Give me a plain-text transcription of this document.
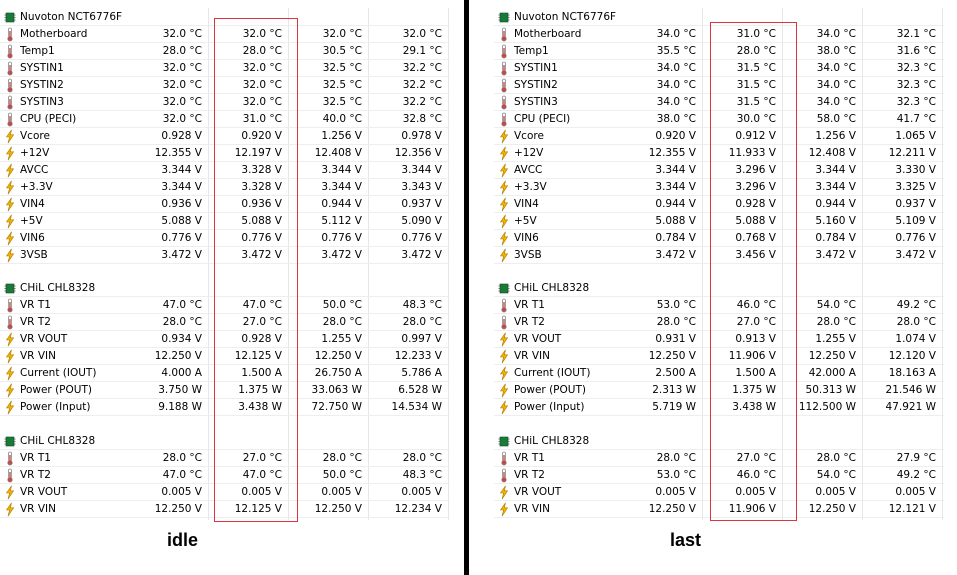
Nuvoton NCT6776F
Motherboard	32.0 °C	32.0 °C	32.0 °C	32.0 °C
Temp1	28.0 °C	28.0 °C	30.5 °C	29.1 °C
SYSTIN1	32.0 °C	32.0 °C	32.5 °C	32.2 °C
SYSTIN2	32.0 °C	32.0 °C	32.5 °C	32.2 °C
SYSTIN3	32.0 °C	32.0 °C	32.5 °C	32.2 °C
CPU (PECI)	32.0 °C	31.0 °C	40.0 °C	32.8 °C
Vcore	0.928 V	0.920 V	1.256 V	0.978 V
+12V	12.355 V	12.197 V	12.408 V	12.356 V
AVCC	3.344 V	3.328 V	3.344 V	3.344 V
+3.3V	3.344 V	3.328 V	3.344 V	3.343 V
VIN4	0.936 V	0.936 V	0.944 V	0.937 V
+5V	5.088 V	5.088 V	5.112 V	5.090 V
VIN6	0.776 V	0.776 V	0.776 V	0.776 V
3VSB	3.472 V	3.472 V	3.472 V	3.472 V
CHiL CHL8328
VR T1	47.0 °C	47.0 °C	50.0 °C	48.3 °C
VR T2	28.0 °C	27.0 °C	28.0 °C	28.0 °C
VR VOUT	0.934 V	0.928 V	1.255 V	0.997 V
VR VIN	12.250 V	12.125 V	12.250 V	12.233 V
Current (IOUT)	4.000 A	1.500 A	26.750 A	5.786 A
Power (POUT)	3.750 W	1.375 W	33.063 W	6.528 W
Power (Input)	9.188 W	3.438 W	72.750 W	14.534 W
CHiL CHL8328
VR T1	28.0 °C	27.0 °C	28.0 °C	28.0 °C
VR T2	47.0 °C	47.0 °C	50.0 °C	48.3 °C
VR VOUT	0.005 V	0.005 V	0.005 V	0.005 V
VR VIN	12.250 V	12.125 V	12.250 V	12.234 V
Nuvoton NCT6776F
Motherboard	34.0 °C	31.0 °C	34.0 °C	32.1 °C
Temp1	35.5 °C	28.0 °C	38.0 °C	31.6 °C
SYSTIN1	34.0 °C	31.5 °C	34.0 °C	32.3 °C
SYSTIN2	34.0 °C	31.5 °C	34.0 °C	32.3 °C
SYSTIN3	34.0 °C	31.5 °C	34.0 °C	32.3 °C
CPU (PECI)	38.0 °C	30.0 °C	58.0 °C	41.7 °C
Vcore	0.920 V	0.912 V	1.256 V	1.065 V
+12V	12.355 V	11.933 V	12.408 V	12.211 V
AVCC	3.344 V	3.296 V	3.344 V	3.330 V
+3.3V	3.344 V	3.296 V	3.344 V	3.325 V
VIN4	0.944 V	0.928 V	0.944 V	0.937 V
+5V	5.088 V	5.088 V	5.160 V	5.109 V
VIN6	0.784 V	0.768 V	0.784 V	0.776 V
3VSB	3.472 V	3.456 V	3.472 V	3.472 V
CHiL CHL8328
VR T1	53.0 °C	46.0 °C	54.0 °C	49.2 °C
VR T2	28.0 °C	27.0 °C	28.0 °C	28.0 °C
VR VOUT	0.931 V	0.913 V	1.255 V	1.074 V
VR VIN	12.250 V	11.906 V	12.250 V	12.120 V
Current (IOUT)	2.500 A	1.500 A	42.000 A	18.163 A
Power (POUT)	2.313 W	1.375 W	50.313 W	21.546 W
Power (Input)	5.719 W	3.438 W	112.500 W	47.921 W
CHiL CHL8328
VR T1	28.0 °C	27.0 °C	28.0 °C	27.9 °C
VR T2	53.0 °C	46.0 °C	54.0 °C	49.2 °C
VR VOUT	0.005 V	0.005 V	0.005 V	0.005 V
VR VIN	12.250 V	11.906 V	12.250 V	12.121 V
idle	last
